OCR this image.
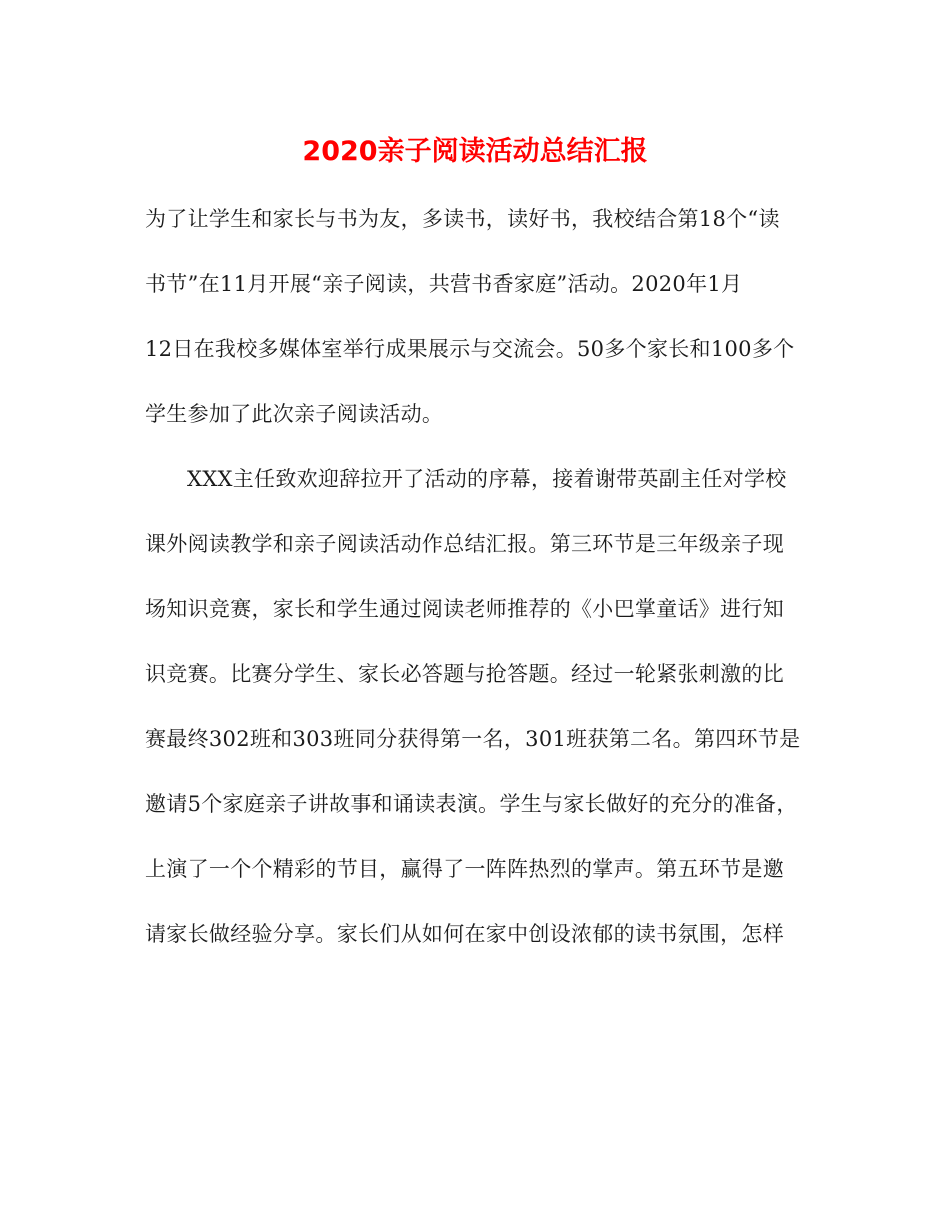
2020亲子阅读活动总结汇报
为了让学生和家长与书为友，多读书，读好书，我校结合第18个“读
书节”在11月开展“亲子阅读，共营书香家庭”活动。2020年1月
12日在我校多媒体室举行成果展示与交流会。50多个家长和100多个
学生参加了此次亲子阅读活动。
XXX主任致欢迎辞拉开了活动的序幕，接着谢带英副主任对学校
课外阅读教学和亲子阅读活动作总结汇报。第三环节是三年级亲子现
场知识竞赛，家长和学生通过阅读老师推荐的《小巴掌童话》进行知
识竞赛。比赛分学生、家长必答题与抢答题。经过一轮紧张刺激的比
赛最终302班和303班同分获得第一名，301班获第二名。第四环节是
邀请5个家庭亲子讲故事和诵读表演。学生与家长做好的充分的准备，
上演了一个个精彩的节目，赢得了一阵阵热烈的掌声。第五环节是邀
请家长做经验分享。家长们从如何在家中创设浓郁的读书氛围，怎样
